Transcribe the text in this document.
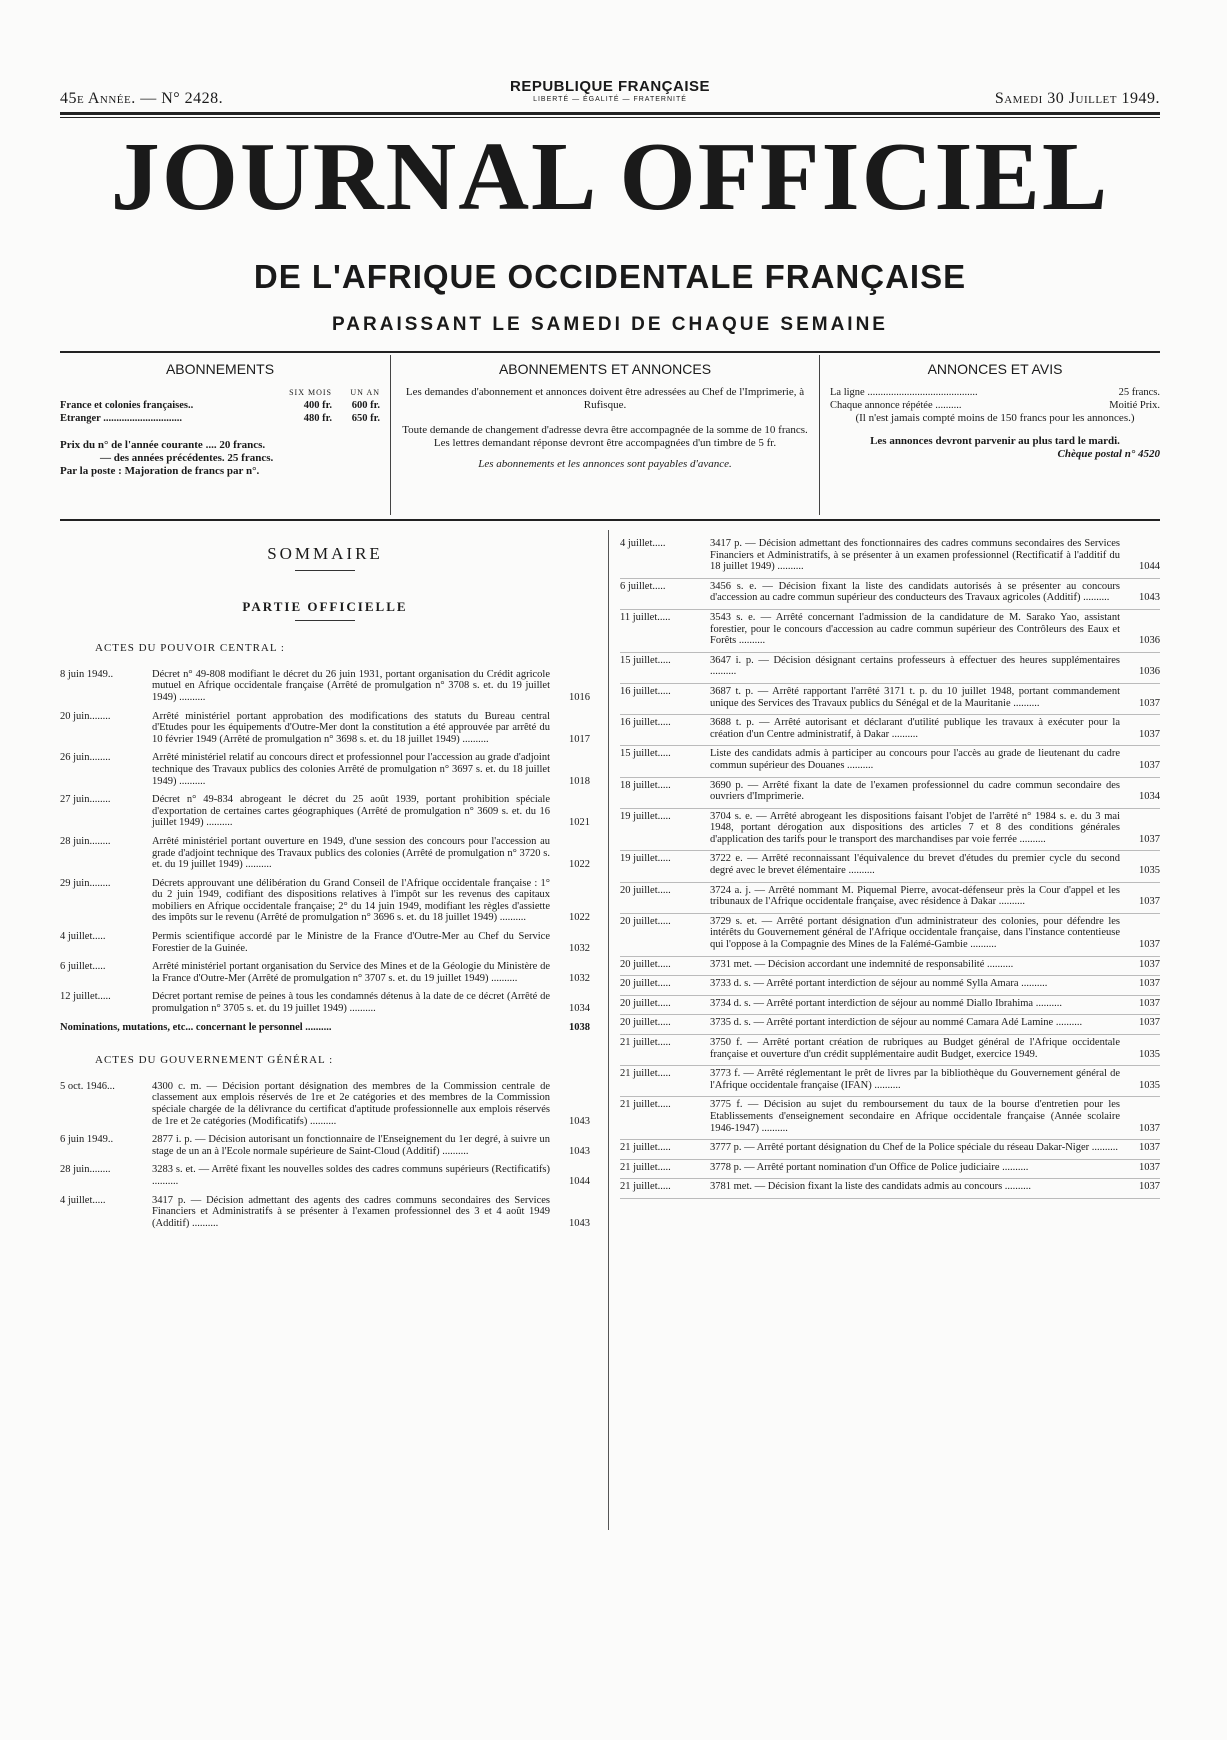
45e Année. — N° 2428.
REPUBLIQUE FRANÇAISE
LIBERTÉ — ÉGALITÉ — FRATERNITÉ	Samedi 30 Juillet 1949.
JOURNAL OFFICIEL
DE L'AFRIQUE OCCIDENTALE FRANÇAISE
PARAISSANT LE SAMEDI DE CHAQUE SEMAINE
ABONNEMENTS
SIX MOIS	UN AN
France et colonies françaises..	400 fr.	600 fr.
Etranger ..............................	480 fr.	650 fr.
Prix du n° de l'année courante .... 20 francs.
— des années précédentes. 25 francs.
Par la poste : Majoration de francs par n°.
ABONNEMENTS ET ANNONCES
Les demandes d'abonnement et annonces doivent être adressées au Chef de l'Imprimerie, à Rufisque.
Toute demande de changement d'adresse devra être accompagnée de la somme de 10 francs. Les lettres demandant réponse devront être accompagnées d'un timbre de 5 fr.
Les abonnements et les annonces sont payables d'avance.
ANNONCES ET AVIS
La ligne ..........................................	25 francs.
Chaque annonce répétée ..........	Moitié Prix.
(Il n'est jamais compté moins de 150 francs pour les annonces.)
Les annonces devront parvenir au plus tard le mardi.
Chèque postal n° 4520
SOMMAIRE
PARTIE OFFICIELLE
ACTES DU POUVOIR CENTRAL :
8 juin 1949..	Décret n° 49-808 modifiant le décret du 26 juin 1931, portant organisation du Crédit agricole mutuel en Afrique occidentale française (Arrêté de promulgation n° 3708 s. et. du 19 juillet 1949) ..........	1016
20 juin........	Arrêté ministériel portant approbation des modifications des statuts du Bureau central d'Etudes pour les équipements d'Outre-Mer dont la constitution a été approuvée par arrêté du 10 février 1949 (Arrêté de promulgation n° 3698 s. et. du 18 juillet 1949) ..........	1017
26 juin........	Arrêté ministériel relatif au concours direct et professionnel pour l'accession au grade d'adjoint technique des Travaux publics des colonies Arrêté de promulgation n° 3697 s. et. du 18 juillet 1949) ..........	1018
27 juin........	Décret n° 49-834 abrogeant le décret du 25 août 1939, portant prohibition spéciale d'exportation de certaines cartes géographiques (Arrêté de promulgation n° 3609 s. et. du 16 juillet 1949) ..........	1021
28 juin........	Arrêté ministériel portant ouverture en 1949, d'une session des concours pour l'accession au grade d'adjoint technique des Travaux publics des colonies (Arrêté de promulgation n° 3720 s. et. du 19 juillet 1949) ..........	1022
29 juin........	Décrets approuvant une délibération du Grand Conseil de l'Afrique occidentale française : 1° du 2 juin 1949, codifiant des dispositions relatives à l'impôt sur les revenus des capitaux mobiliers en Afrique occidentale française; 2° du 14 juin 1949, modifiant les règles d'assiette des impôts sur le revenu (Arrêté de promulgation n° 3696 s. et. du 18 juillet 1949) ..........	1022
4 juillet.....	Permis scientifique accordé par le Ministre de la France d'Outre-Mer au Chef du Service Forestier de la Guinée.	1032
6 juillet.....	Arrêté ministériel portant organisation du Service des Mines et de la Géologie du Ministère de la France d'Outre-Mer (Arrêté de promulgation n° 3707 s. et. du 19 juillet 1949) ..........	1032
12 juillet.....	Décret portant remise de peines à tous les condamnés détenus à la date de ce décret (Arrêté de promulgation n° 3705 s. et. du 19 juillet 1949) ..........	1034
Nominations, mutations, etc... concernant le personnel ..........	1038
ACTES DU GOUVERNEMENT GÉNÉRAL :
5 oct. 1946...	4300 c. m. — Décision portant désignation des membres de la Commission centrale de classement aux emplois réservés de 1re et 2e catégories et des membres de la Commission spéciale chargée de la délivrance du certificat d'aptitude professionnelle aux emplois réservés de 1re et 2e catégories (Modificatifs) ..........	1043
6 juin 1949..	2877 i. p. — Décision autorisant un fonctionnaire de l'Enseignement du 1er degré, à suivre un stage de un an à l'Ecole normale supérieure de Saint-Cloud (Additif) ..........	1043
28 juin........	3283 s. et. — Arrêté fixant les nouvelles soldes des cadres communs supérieurs (Rectificatifs) ..........	1044
4 juillet.....	3417 p. — Décision admettant des agents des cadres communs secondaires des Services Financiers et Administratifs à se présenter à l'examen professionnel des 3 et 4 août 1949 (Additif) ..........	1043
4 juillet.....	3417 p. — Décision admettant des fonctionnaires des cadres communs secondaires des Services Financiers et Administratifs, à se présenter à un examen professionnel (Rectificatif à l'additif du 18 juillet 1949) ..........	1044
6 juillet.....	3456 s. e. — Décision fixant la liste des candidats autorisés à se présenter au concours d'accession au cadre commun supérieur des conducteurs des Travaux agricoles (Additif) ..........	1043
11 juillet.....	3543 s. e. — Arrêté concernant l'admission de la candidature de M. Sarako Yao, assistant forestier, pour le concours d'accession au cadre commun supérieur des Contrôleurs des Eaux et Forêts ..........	1036
15 juillet.....	3647 i. p. — Décision désignant certains professeurs à effectuer des heures supplémentaires ..........	1036
16 juillet.....	3687 t. p. — Arrêté rapportant l'arrêté 3171 t. p. du 10 juillet 1948, portant commandement unique des Services des Travaux publics du Sénégal et de la Mauritanie ..........	1037
16 juillet.....	3688 t. p. — Arrêté autorisant et déclarant d'utilité publique les travaux à exécuter pour la création d'un Centre administratif, à Dakar ..........	1037
15 juillet.....	Liste des candidats admis à participer au concours pour l'accès au grade de lieutenant du cadre commun supérieur des Douanes ..........	1037
18 juillet.....	3690 p. — Arrêté fixant la date de l'examen professionnel du cadre commun secondaire des ouvriers d'Imprimerie.	1034
19 juillet.....	3704 s. e. — Arrêté abrogeant les dispositions faisant l'objet de l'arrêté n° 1984 s. e. du 3 mai 1948, portant dérogation aux dispositions des articles 7 et 8 des conditions générales d'application des tarifs pour le transport des marchandises par voie ferrée ..........	1037
19 juillet.....	3722 e. — Arrêté reconnaissant l'équivalence du brevet d'études du premier cycle du second degré avec le brevet élémentaire ..........	1035
20 juillet.....	3724 a. j. — Arrêté nommant M. Piquemal Pierre, avocat-défenseur près la Cour d'appel et les tribunaux de l'Afrique occidentale française, avec résidence à Dakar ..........	1037
20 juillet.....	3729 s. et. — Arrêté portant désignation d'un administrateur des colonies, pour défendre les intérêts du Gouvernement général de l'Afrique occidentale française, dans l'instance contentieuse qui l'oppose à la Compagnie des Mines de la Falémé-Gambie ..........	1037
20 juillet.....	3731 met. — Décision accordant une indemnité de responsabilité ..........	1037
20 juillet.....	3733 d. s. — Arrêté portant interdiction de séjour au nommé Sylla Amara ..........	1037
20 juillet.....	3734 d. s. — Arrêté portant interdiction de séjour au nommé Diallo Ibrahima ..........	1037
20 juillet.....	3735 d. s. — Arrêté portant interdiction de séjour au nommé Camara Adé Lamine ..........	1037
21 juillet.....	3750 f. — Arrêté portant création de rubriques au Budget général de l'Afrique occidentale française et ouverture d'un crédit supplémentaire audit Budget, exercice 1949.	1035
21 juillet.....	3773 f. — Arrêté réglementant le prêt de livres par la bibliothèque du Gouvernement général de l'Afrique occidentale française (IFAN) ..........	1035
21 juillet.....	3775 f. — Décision au sujet du remboursement du taux de la bourse d'entretien pour les Etablissements d'enseignement secondaire en Afrique occidentale française (Année scolaire 1946-1947) ..........	1037
21 juillet.....	3777 p. — Arrêté portant désignation du Chef de la Police spéciale du réseau Dakar-Niger ..........	1037
21 juillet.....	3778 p. — Arrêté portant nomination d'un Office de Police judiciaire ..........	1037
21 juillet.....	3781 met. — Décision fixant la liste des candidats admis au concours ..........	1037
